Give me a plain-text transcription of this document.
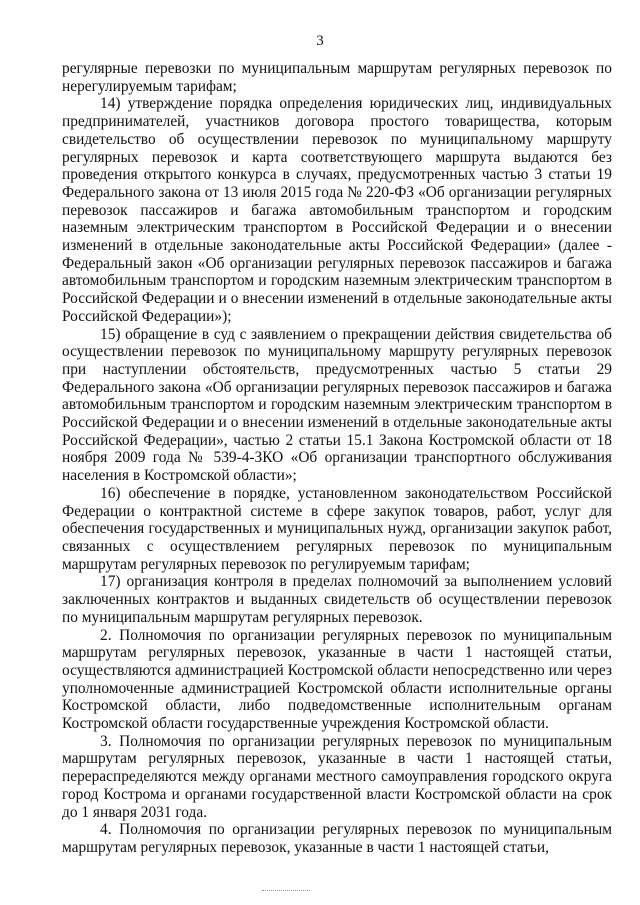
3

регулярные перевозки по муниципальным маршрутам регулярных перевозок по нерегулируемым тарифам;

14) утверждение порядка определения юридических лиц, индивидуальных предпринимателей, участников договора простого товарищества, которым свидетельство об осуществлении перевозок по муниципальному маршруту регулярных перевозок и карта соответствующего маршрута выдаются без проведения открытого конкурса в случаях, предусмотренных частью 3 статьи 19 Федерального закона от 13 июля 2015 года № 220-ФЗ «Об организации регулярных перевозок пассажиров и багажа автомобильным транспортом и городским наземным электрическим транспортом в Российской Федерации и о внесении изменений в отдельные законодательные акты Российской Федерации» (далее - Федеральный закон «Об организации регулярных перевозок пассажиров и багажа автомобильным транспортом и городским наземным электрическим транспортом в Российской Федерации и о внесении изменений в отдельные законодательные акты Российской Федерации»);

15) обращение в суд с заявлением о прекращении действия свидетельства об осуществлении перевозок по муниципальному маршруту регулярных перевозок при наступлении обстоятельств, предусмотренных частью 5 статьи 29 Федерального закона «Об организации регулярных перевозок пассажиров и багажа автомобильным транспортом и городским наземным электрическим транспортом в Российской Федерации и о внесении изменений в отдельные законодательные акты Российской Федерации», частью 2 статьи 15.1 Закона Костромской области от 18 ноября 2009 года № 539-4-ЗКО «Об организации транспортного обслуживания населения в Костромской области»;

16) обеспечение в порядке, установленном законодательством Российской Федерации о контрактной системе в сфере закупок товаров, работ, услуг для обеспечения государственных и муниципальных нужд, организации закупок работ, связанных с осуществлением регулярных перевозок по муниципальным маршрутам регулярных перевозок по регулируемым тарифам;

17) организация контроля в пределах полномочий за выполнением условий заключенных контрактов и выданных свидетельств об осуществлении перевозок по муниципальным маршрутам регулярных перевозок.

2. Полномочия по организации регулярных перевозок по муниципальным маршрутам регулярных перевозок, указанные в части 1 настоящей статьи, осуществляются администрацией Костромской области непосредственно или через уполномоченные администрацией Костромской области исполнительные органы Костромской области, либо подведомственные исполнительным органам Костромской области государственные учреждения Костромской области.

3. Полномочия по организации регулярных перевозок по муниципальным маршрутам регулярных перевозок, указанные в части 1 настоящей статьи, перераспределяются между органами местного самоуправления городского округа город Кострома и органами государственной власти Костромской области на срок до 1 января 2031 года.

4. Полномочия по организации регулярных перевозок по муниципальным маршрутам регулярных перевозок, указанные в части 1 настоящей статьи,
